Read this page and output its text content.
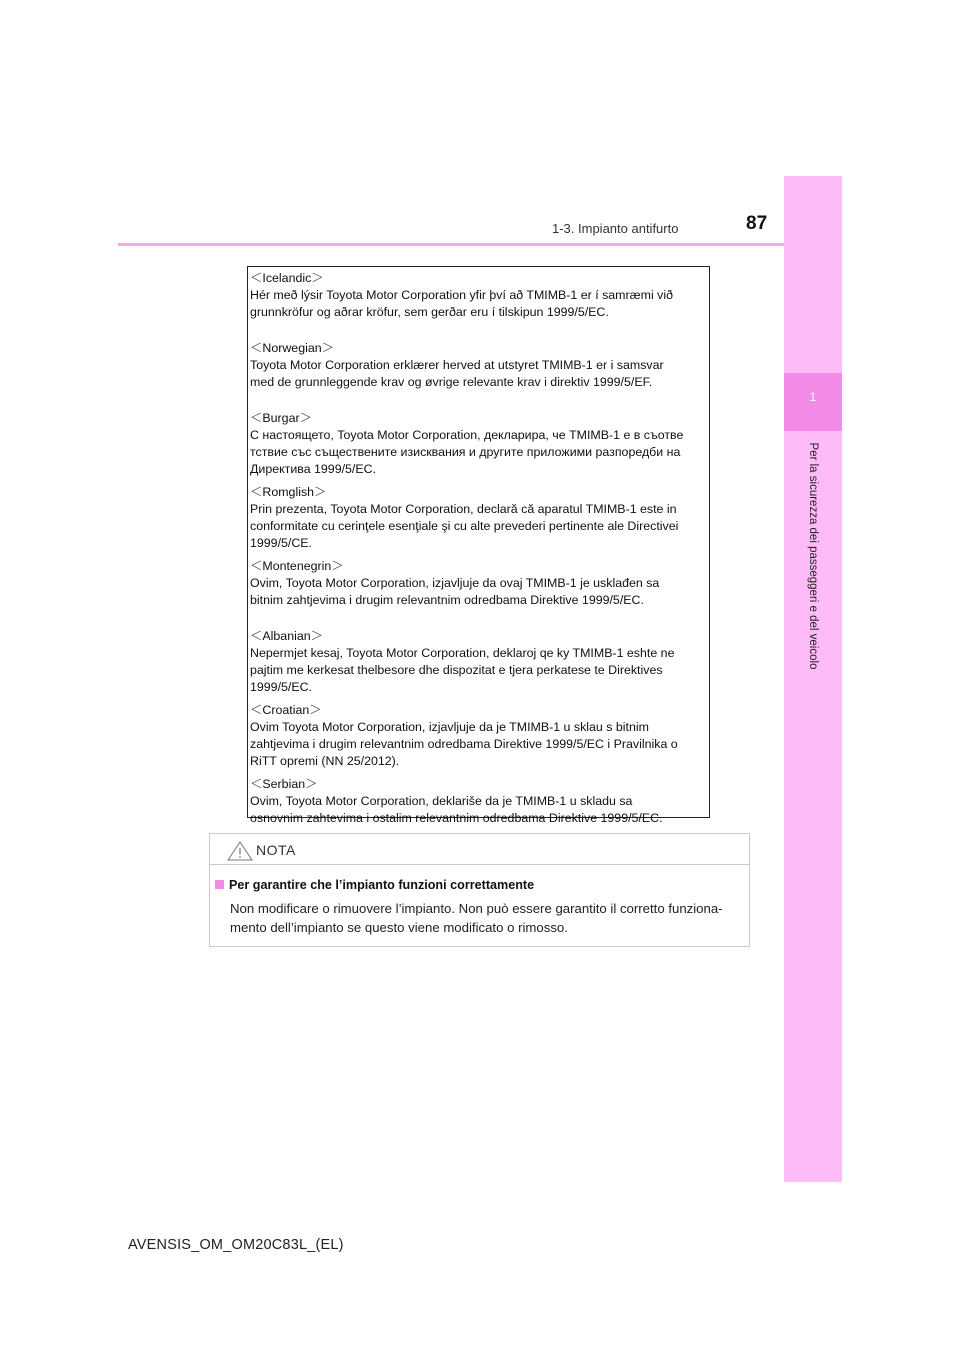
87
1-3. Impianto antifurto
1
Per la sicurezza dei passeggeri e del veicolo

＜Icelandic＞
Hér með lýsir Toyota Motor Corporation yfir því að TMIMB-1 er í samræmi við
grunnkröfur og aðrar kröfur, sem gerðar eru í tilskipun 1999/5/EC.

＜Norwegian＞
Toyota Motor Corporation erklærer herved at utstyret TMIMB-1 er i samsvar
med de grunnleggende krav og øvrige relevante krav i direktiv 1999/5/EF.

＜Burgar＞
С настоящето, Toyota Motor Corporation, декларира, че TMIMB-1 е в съотве
тствие със съществените изисквания и другите приложими разпоредби на
Директива 1999/5/EC.

＜Romglish＞
Prin prezenta, Toyota Motor Corporation, declară că aparatul TMIMB-1 este in
conformitate cu cerinţele esenţiale şi cu alte prevederi pertinente ale Directivei
1999/5/CE.

＜Montenegrin＞
Ovim, Toyota Motor Corporation, izjavljuje da ovaj TMIMB-1 je usklađen sa
bitnim zahtjevima i drugim relevantnim odredbama Direktive 1999/5/EC.

＜Albanian＞
Nepermjet kesaj, Toyota Motor Corporation, deklaroj qe ky TMIMB-1 eshte ne
pajtim me kerkesat thelbesore dhe dispozitat e tjera perkatese te Direktives
1999/5/EC.

＜Croatian＞
Ovim Toyota Motor Corporation, izjavljuje da je TMIMB-1 u sklau s bitnim
zahtjevima i drugim relevantnim odredbama Direktive 1999/5/EC i Pravilnika o
RiTT opremi (NN 25/2012).

＜Serbian＞
Ovim, Toyota Motor Corporation, deklariše da je TMIMB-1 u skladu sa
osnovnim zahtevima i ostalim relevantnim odredbama Direktive 1999/5/EC.

NOTA
Per garantire che l’impianto funzioni correttamente
Non modificare o rimuovere l’impianto. Non può essere garantito il corretto funziona-
mento dell’impianto se questo viene modificato o rimosso.
AVENSIS_OM_OM20C83L_(EL)
